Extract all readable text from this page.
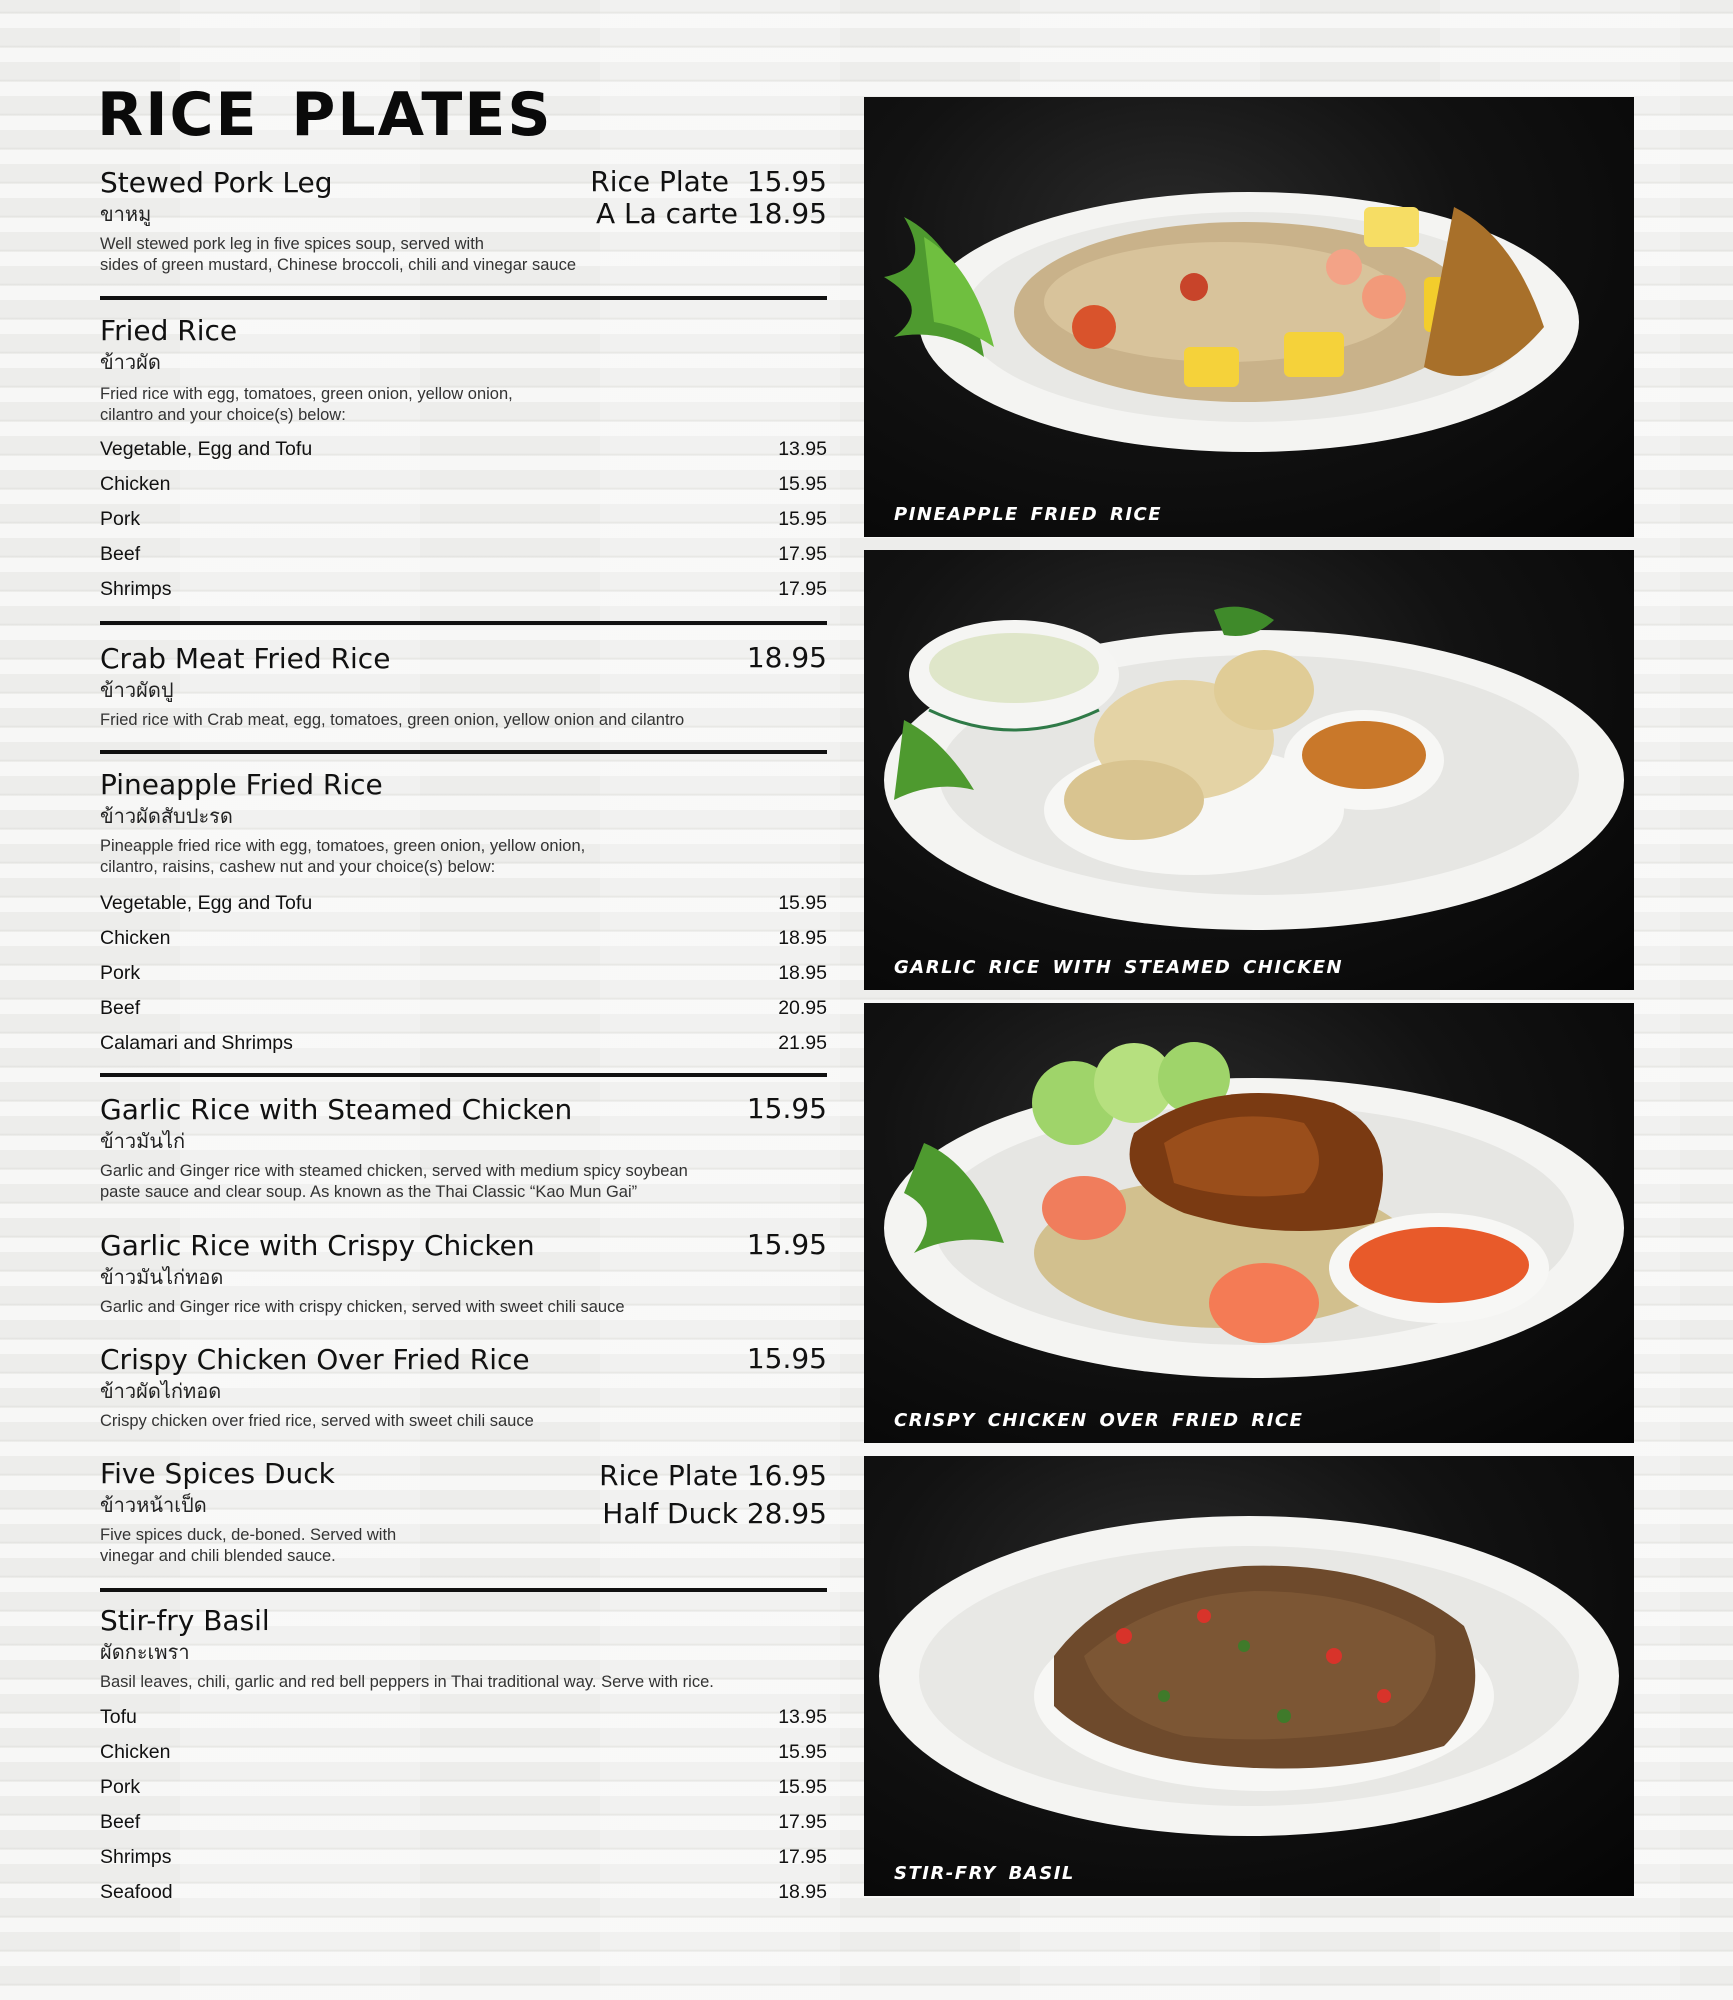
RICE PLATES
Stewed Pork Leg
ขาหมู
Rice Plate  15.95
A La carte 18.95
Well stewed pork leg in five spices soup, served with
sides of green mustard, Chinese broccoli, chili and vinegar sauce
Fried Rice
ข้าวผัด
Fried rice with egg, tomatoes, green onion, yellow onion,
cilantro and your choice(s) below:
Vegetable, Egg and Tofu	13.95
Chicken	15.95
Pork	15.95
Beef	17.95
Shrimps	17.95
Crab Meat Fried Rice
ข้าวผัดปู
18.95
Fried rice with Crab meat, egg, tomatoes, green onion, yellow onion and cilantro
Pineapple Fried Rice
ข้าวผัดสับปะรด
Pineapple fried rice with egg, tomatoes, green onion, yellow onion,
cilantro, raisins, cashew nut and your choice(s) below:
Vegetable, Egg and Tofu	15.95
Chicken	18.95
Pork	18.95
Beef	20.95
Calamari and Shrimps	21.95
Garlic Rice with Steamed Chicken
ข้าวมันไก่
15.95
Garlic and Ginger rice with steamed chicken, served with medium spicy soybean
paste sauce and clear soup. As known as the Thai Classic “Kao Mun Gai”
Garlic Rice with Crispy Chicken
ข้าวมันไก่ทอด
15.95
Garlic and Ginger rice with crispy chicken, served with sweet chili sauce
Crispy Chicken Over Fried Rice
ข้าวผัดไก่ทอด
15.95
Crispy chicken over fried rice, served with sweet chili sauce
Five Spices Duck
ข้าวหน้าเป็ด
Rice Plate 16.95
Half Duck 28.95
Five spices duck, de-boned. Served with
vinegar and chili blended sauce.
Stir-fry Basil
ผัดกะเพรา
Basil leaves, chili, garlic and red bell peppers in Thai traditional way. Serve with rice.
Tofu	13.95
Chicken	15.95
Pork	15.95
Beef	17.95
Shrimps	17.95
Seafood	18.95
PINEAPPLE FRIED RICE
GARLIC RICE WITH STEAMED CHICKEN
CRISPY CHICKEN OVER FRIED RICE
STIR-FRY BASIL
